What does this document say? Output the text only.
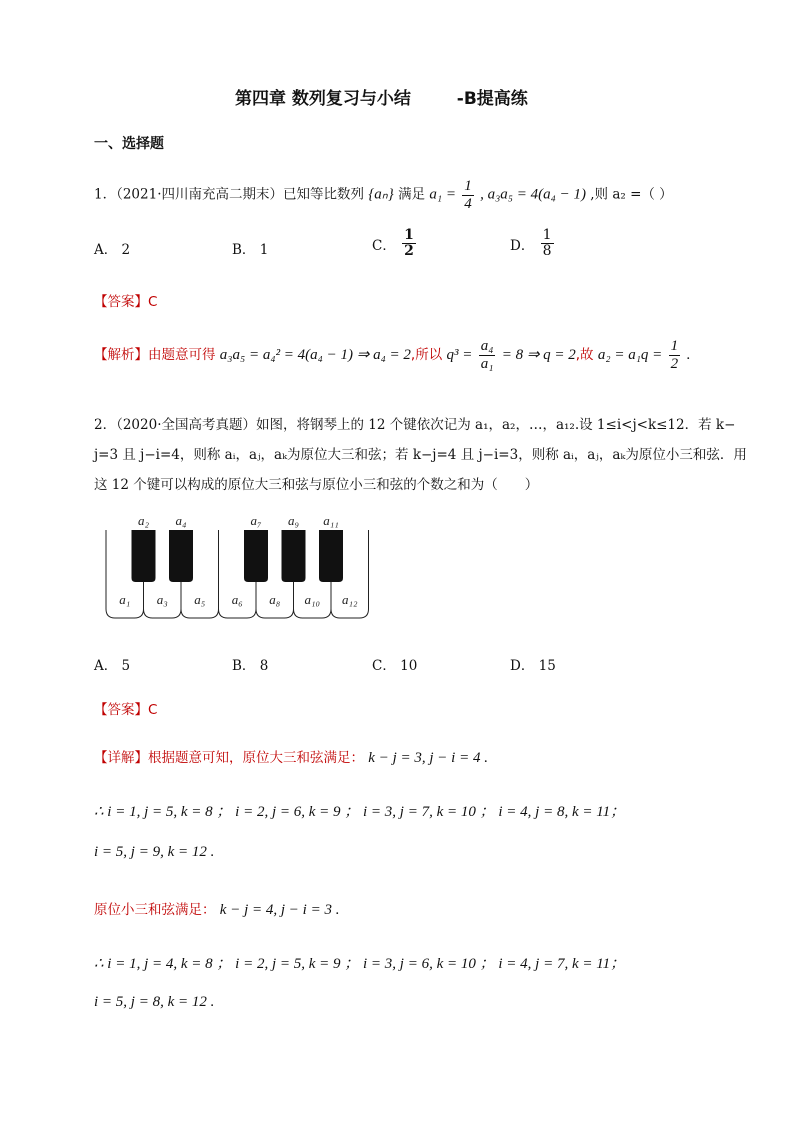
第四章 数列复习与小结	-B提高练
一、选择题
1．（2021·四川南充高二期末）已知等比数列 {aₙ} 满足 $a_1 = \frac{1}{4}$ , a₃a₅ = 4(a₄ − 1) ,则 a₂ =（ ）
A． 2	B． 1	C． $\frac{1}{2}$	D． $\frac{1}{8}$
【答案】C
【解析】由题意可得 a₃a₅ = a₄² = 4(a₄ − 1) ⇒ a₄ = 2,所以 $q^3 = \frac{\text{a₄}}{\text{a₁}} = 8$ ⇒ q = 2,故 $a_2 = a_1q = \frac{1}{2}$ .
2．（2020·全国高考真题）如图，将钢琴上的 12 个键依次记为 a₁，a₂，…，a₁₂.设 1≤i<j<k≤12．若 k−
j=3 且 j−i=4，则称 aᵢ，aⱼ，aₖ为原位大三和弦；若 k−j=4 且 j−i=3，则称 aᵢ，aⱼ，aₖ为原位小三和弦．用
这 12 个键可以构成的原位大三和弦与原位小三和弦的个数之和为（　　）
a₁ a₃ a₅ a₆ a₈ a₁₀ a₁₂
a₂ a₄	a₇ a₉ a₁₁
A． 5	B． 8	C． 10	D． 15
【答案】C
【详解】根据题意可知，原位大三和弦满足： k − j = 3, j − i = 4 .
∴ i = 1, j = 5, k = 8 ； i = 2, j = 6, k = 9 ； i = 3, j = 7, k = 10 ； i = 4, j = 8, k = 11；
i = 5, j = 9, k = 12 .
原位小三和弦满足： k − j = 4, j − i = 3 .
∴ i = 1, j = 4, k = 8 ； i = 2, j = 5, k = 9 ； i = 3, j = 6, k = 10 ； i = 4, j = 7, k = 11；
i = 5, j = 8, k = 12 .
